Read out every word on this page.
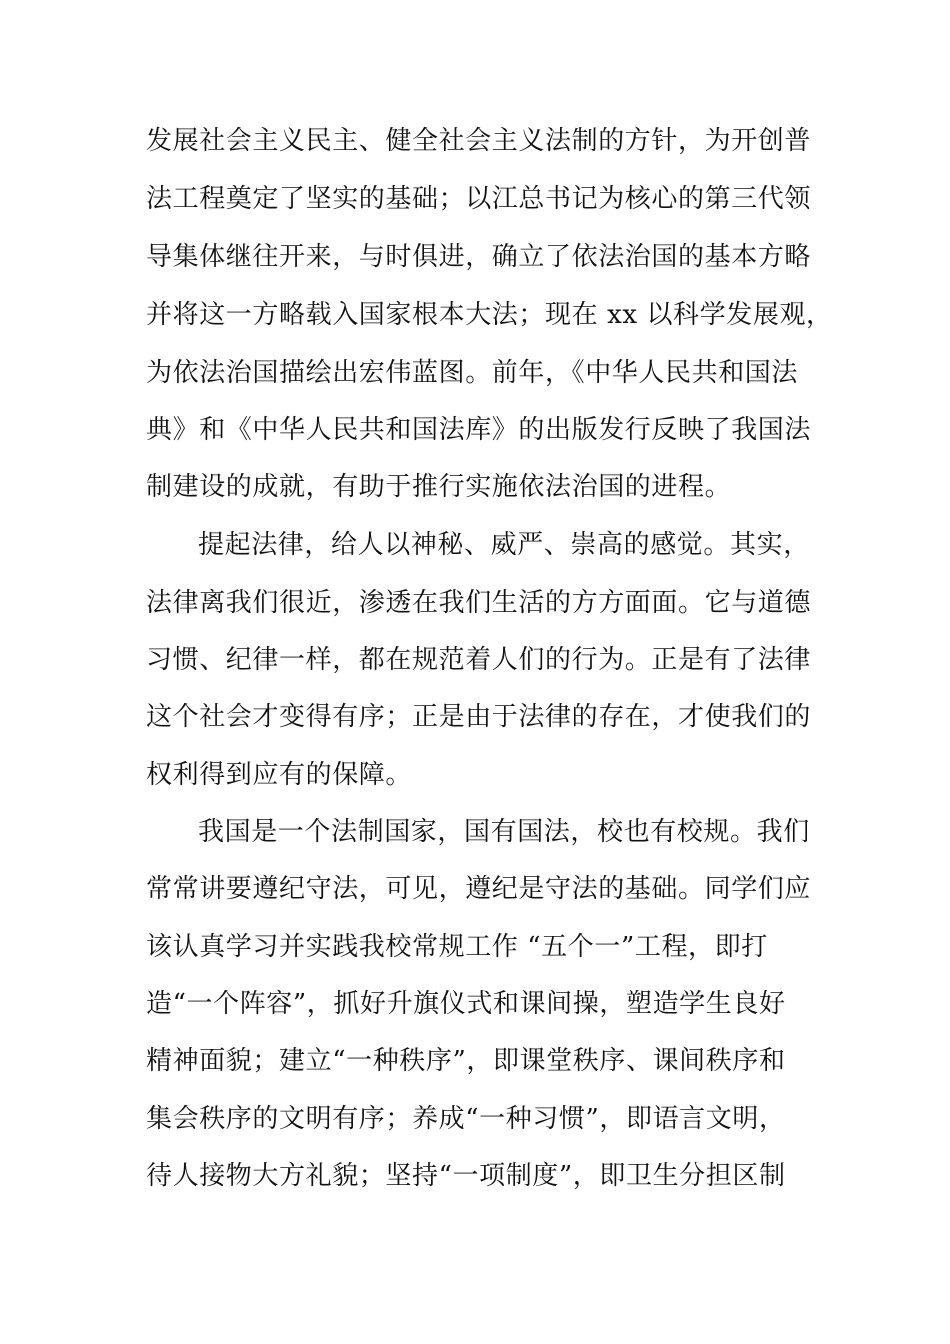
发展社会主义民主、健全社会主义法制的方针，为开创普
法工程奠定了坚实的基础；以江总书记为核心的第三代领
导集体继往开来，与时俱进，确立了依法治国的基本方略
并将这一方略载入国家根本大法；现在 xx 以科学发展观，
为依法治国描绘出宏伟蓝图。前年，《中华人民共和国法
典》和《中华人民共和国法库》的出版发行反映了我国法
制建设的成就，有助于推行实施依法治国的进程。
提起法律，给人以神秘、威严、崇高的感觉。其实，
法律离我们很近，渗透在我们生活的方方面面。它与道德
习惯、纪律一样，都在规范着人们的行为。正是有了法律
这个社会才变得有序；正是由于法律的存在，才使我们的
权利得到应有的保障。
我国是一个法制国家，国有国法，校也有校规。我们
常常讲要遵纪守法，可见，遵纪是守法的基础。同学们应
该认真学习并实践我校常规工作 “五个一”工程，即打
造“一个阵容”，抓好升旗仪式和课间操，塑造学生良好
精神面貌；建立“一种秩序”，即课堂秩序、课间秩序和
集会秩序的文明有序；养成“一种习惯”，即语言文明，
待人接物大方礼貌；坚持“一项制度”，即卫生分担区制
